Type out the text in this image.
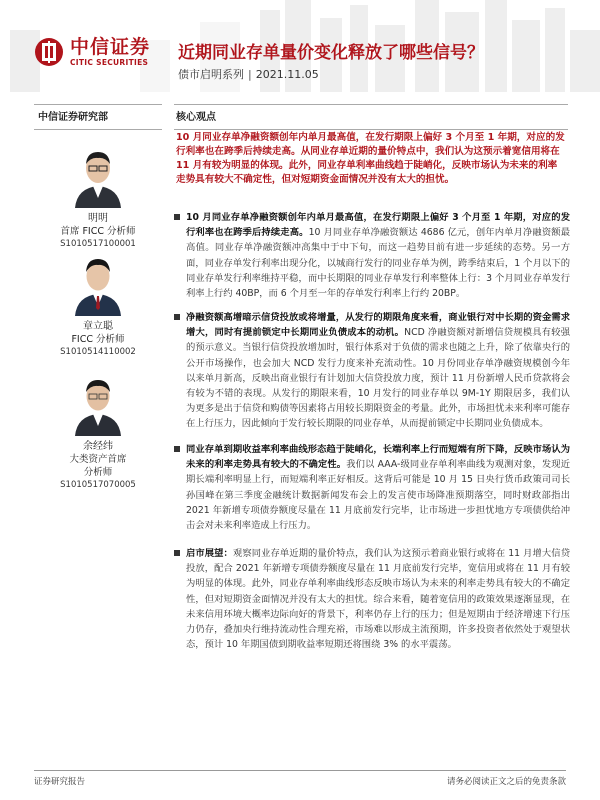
中信证券
CITIC SECURITIES 近期同业存单量价变化释放了哪些信号？
债市启明系列 | 2021.11.05
中信证券研究部
明明
首席 FICC 分析师
S1010517100001
章立聪
FICC 分析师
S1010514110002
余经纬
大类资产首席
分析师
S1010517070005
核心观点
10 月同业存单净融资额创年内单月最高值，在发行期限上偏好 3 个月至 1 年期，对应的发行利率也在跨季后持续走高。从同业存单近期的量价特点中，我们认为这预示着宽信用将在 11 月有较为明显的体现。此外，同业存单利率曲线趋于陡峭化，反映市场认为未来的利率走势具有较大不确定性，但对短期资金面情况并没有太大的担忧。
10 月同业存单净融资额创年内单月最高值，在发行期限上偏好 3 个月至 1 年期，对应的发行利率也在跨季后持续走高。10 月同业存单净融资额达 4686 亿元，创年内单月净融资额最高值。同业存单净融资额冲高集中于中下旬，而这一趋势目前有进一步延续的态势。另一方面，同业存单发行利率出现分化，以城商行发行的同业存单为例，跨季结束后，1 个月以下的同业存单发行利率维持平稳，而中长期限的同业存单发行利率整体上行：3 个月同业存单发行利率上行约 40BP，而 6 个月至一年的存单发行利率上行约 20BP。
净融资额高增暗示信贷投放或将增量，从发行的期限角度来看，商业银行对中长期的资金需求增大，同时有提前锁定中长期同业负债成本的动机。NCD 净融资额对新增信贷规模具有较强的预示意义。当银行信贷投放增加时，银行体系对于负债的需求也随之上升，除了依靠央行的公开市场操作，也会加大 NCD 发行力度来补充流动性。10 月份同业存单净融资规模创今年以来单月新高，反映出商业银行有计划加大信贷投放力度，预计 11 月份新增人民币贷款将会有较为不错的表现。从发行的期限来看，10 月发行的同业存单以 9M-1Y 期限居多，我们认为更多是出于信贷和购债等因素将占用较长期限资金的考量。此外，市场担忧未来利率可能存在上行压力，因此倾向于发行较长期限的同业存单，从而提前锁定中长期同业负债成本。
同业存单到期收益率利率曲线形态趋于陡峭化，长端利率上行而短端有所下降，反映市场认为未来的利率走势具有较大的不确定性。我们以 AAA-级同业存单利率曲线为观测对象，发现近期长端利率明显上行，而短端利率正好相反。这背后可能是 10 月 15 日央行货币政策司司长孙国峰在第三季度金融统计数据新闻发布会上的发言使市场降准预期落空，同时财政部指出 2021 年新增专项债券额度尽量在 11 月底前发行完毕，让市场进一步担忧地方专项债供给冲击会对未来利率造成上行压力。
启市展望：观察同业存单近期的量价特点，我们认为这预示着商业银行或将在 11 月增大信贷投放，配合 2021 年新增专项债券额度尽量在 11 月底前发行完毕，宽信用或将在 11 月有较为明显的体现。此外，同业存单利率曲线形态反映市场认为未来的利率走势具有较大的不确定性，但对短期资金面情况并没有太大的担忧。综合来看，随着宽信用的政策效果逐渐显现，在未来信用环境大概率边际向好的背景下，利率仍存上行的压力；但是短期由于经济增速下行压力仍存，叠加央行维持流动性合理充裕，市场难以形成主流预期，许多投资者依然处于观望状态，预计 10 年期国债到期收益率短期还将围绕 3% 的水平震荡。
证券研究报告	请务必阅读正文之后的免责条款
